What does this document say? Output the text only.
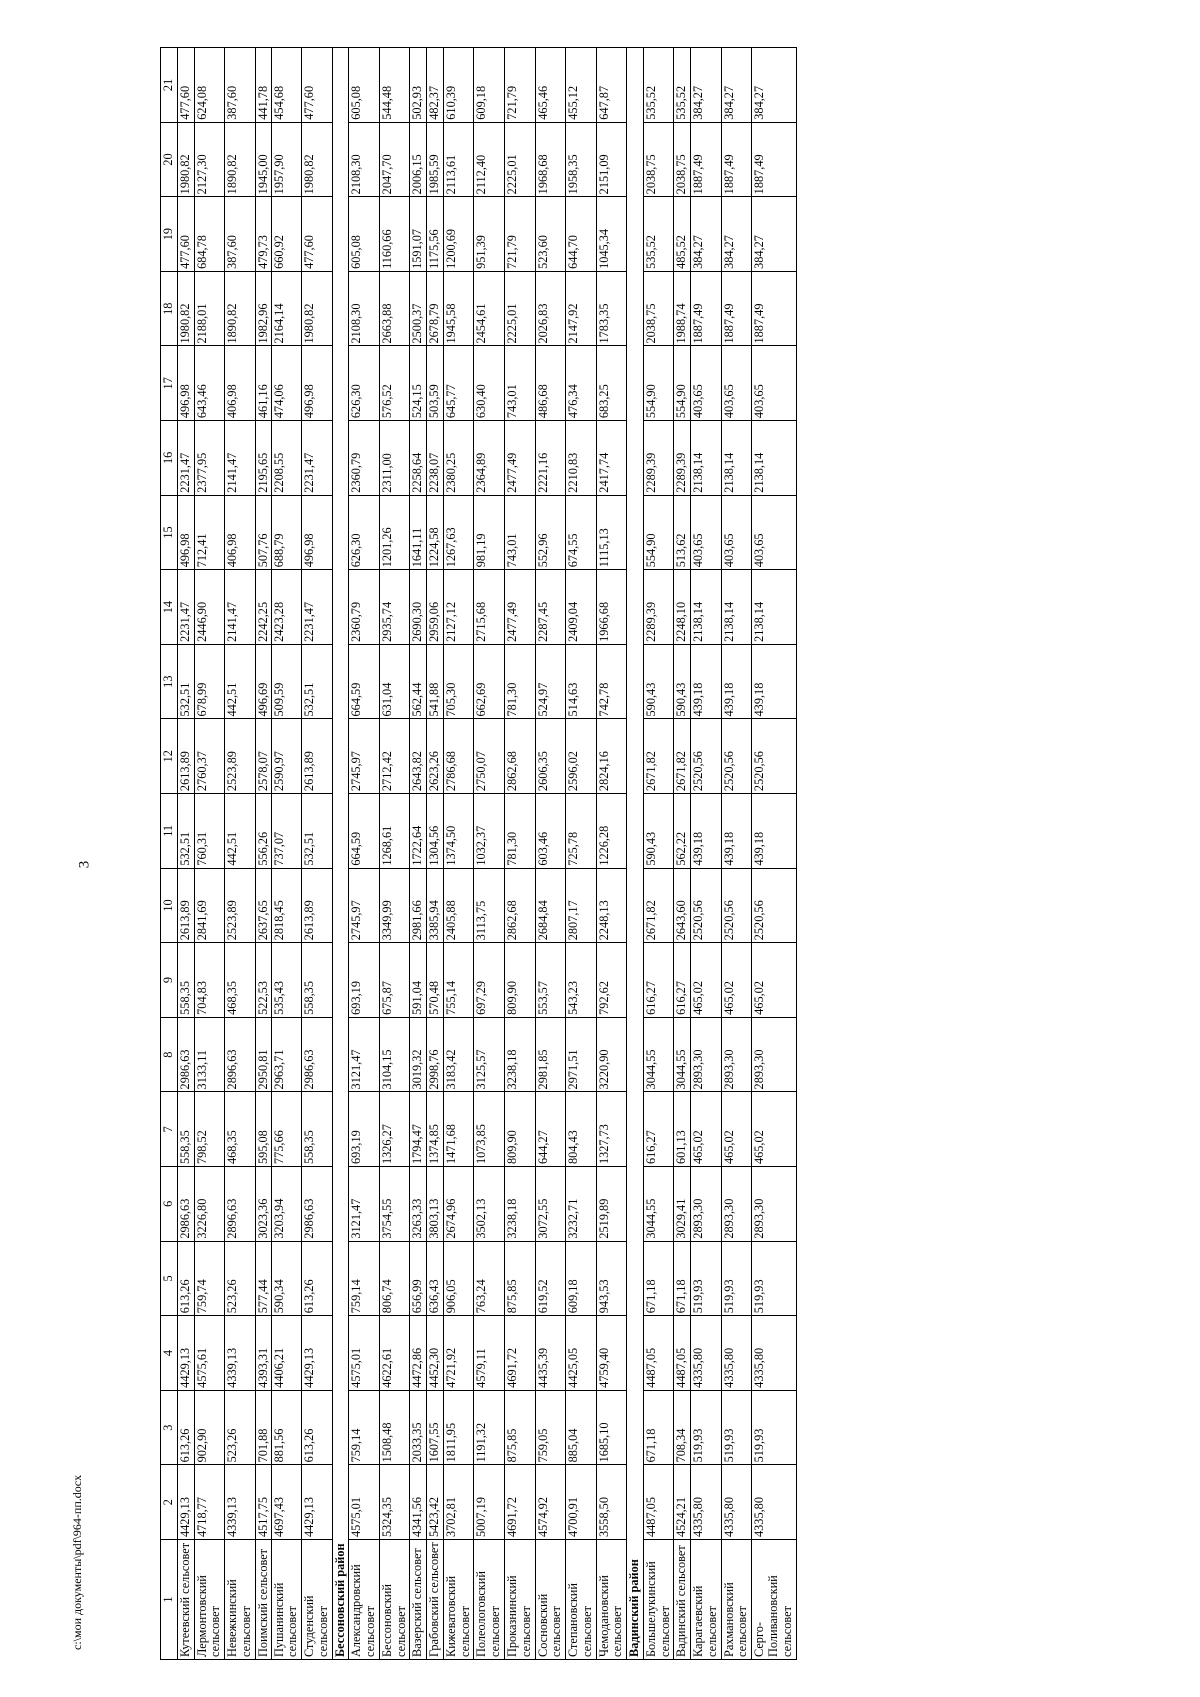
3
c:\мои документы\pdf\964-пп.docx	1	2	3	4	5	6	7	8	9	10	11	12	13	14	15	16	17	18	19	20	21
Кутеевский сельсовет	4429,13	613,26	4429,13	613,26	2986,63	558,35	2986,63	558,35	2613,89	532,51	2613,89	532,51	2231,47	496,98	2231,47	496,98	1980,82	477,60	1980,82	477,60
Лермонтовский сельсовет	4718,77	902,90	4575,61	759,74	3226,80	798,52	3133,11	704,83	2841,69	760,31	2760,37	678,99	2446,90	712,41	2377,95	643,46	2188,01	684,78	2127,30	624,08
Невежкинский сельсовет	4339,13	523,26	4339,13	523,26	2896,63	468,35	2896,63	468,35	2523,89	442,51	2523,89	442,51	2141,47	406,98	2141,47	406,98	1890,82	387,60	1890,82	387,60
Поимский сельсовет	4517,75	701,88	4393,31	577,44	3023,36	595,08	2950,81	522,53	2637,65	556,26	2578,07	496,69	2242,25	507,76	2195,65	461,16	1982,96	479,73	1945,00	441,78
Пушанинский сельсовет	4697,43	881,56	4406,21	590,34	3203,94	775,66	2963,71	535,43	2818,45	737,07	2590,97	509,59	2423,28	688,79	2208,55	474,06	2164,14	660,92	1957,90	454,68
Студенский сельсовет	4429,13	613,26	4429,13	613,26	2986,63	558,35	2986,63	558,35	2613,89	532,51	2613,89	532,51	2231,47	496,98	2231,47	496,98	1980,82	477,60	1980,82	477,60
Бессоновский район																				
Александровский сельсовет	4575,01	759,14	4575,01	759,14	3121,47	693,19	3121,47	693,19	2745,97	664,59	2745,97	664,59	2360,79	626,30	2360,79	626,30	2108,30	605,08	2108,30	605,08
Бессоновский сельсовет	5324,35	1508,48	4622,61	806,74	3754,55	1326,27	3104,15	675,87	3349,99	1268,61	2712,42	631,04	2935,74	1201,26	2311,00	576,52	2663,88	1160,66	2047,70	544,48
Вазерский сельсовет	4341,56	2033,35	4472,86	656,99	3263,33	1794,47	3019,32	591,04	2981,66	1722,64	2643,82	562,44	2690,30	1641,11	2258,64	524,15	2500,37	1591,07	2006,15	502,93
Грабовский сельсовет	5423,42	1607,55	4452,30	636,43	3803,13	1374,85	2998,76	570,48	3385,94	1304,56	2623,26	541,88	2959,06	1224,58	2238,07	503,59	2678,79	1175,56	1985,59	482,37
Кижеватовский сельсовет	3702,81	1811,95	4721,92	906,05	2674,96	1471,68	3183,42	755,14	2405,88	1374,50	2786,68	705,30	2127,12	1267,63	2380,25	645,77	1945,58	1200,69	2113,61	610,39
Полеологовский сельсовет	5007,19	1191,32	4579,11	763,24	3502,13	1073,85	3125,57	697,29	3113,75	1032,37	2750,07	662,69	2715,68	981,19	2364,89	630,40	2454,61	951,39	2112,40	609,18
Проказнинский сельсовет	4691,72	875,85	4691,72	875,85	3238,18	809,90	3238,18	809,90	2862,68	781,30	2862,68	781,30	2477,49	743,01	2477,49	743,01	2225,01	721,79	2225,01	721,79
Сосновский сельсовет	4574,92	759,05	4435,39	619,52	3072,55	644,27	2981,85	553,57	2684,84	603,46	2606,35	524,97	2287,45	552,96	2221,16	486,68	2026,83	523,60	1968,68	465,46
Степановский сельсовет	4700,91	885,04	4425,05	609,18	3232,71	804,43	2971,51	543,23	2807,17	725,78	2596,02	514,63	2409,04	674,55	2210,83	476,34	2147,92	644,70	1958,35	455,12
Чемодановский сельсовет	3558,50	1685,10	4759,40	943,53	2519,89	1327,73	3220,90	792,62	2248,13	1226,28	2824,16	742,78	1966,68	1115,13	2417,74	683,25	1783,35	1045,34	2151,09	647,87
Вадинский район																				
Большелукинский сельсовет	4487,05	671,18	4487,05	671,18	3044,55	616,27	3044,55	616,27	2671,82	590,43	2671,82	590,43	2289,39	554,90	2289,39	554,90	2038,75	535,52	2038,75	535,52
Вадинский сельсовет	4524,21	708,34	4487,05	671,18	3029,41	601,13	3044,55	616,27	2643,60	562,22	2671,82	590,43	2248,10	513,62	2289,39	554,90	1988,74	485,52	2038,75	535,52
Карагаевский сельсовет	4335,80	519,93	4335,80	519,93	2893,30	465,02	2893,30	465,02	2520,56	439,18	2520,56	439,18	2138,14	403,65	2138,14	403,65	1887,49	384,27	1887,49	384,27
Рахмановский сельсовет	4335,80	519,93	4335,80	519,93	2893,30	465,02	2893,30	465,02	2520,56	439,18	2520,56	439,18	2138,14	403,65	2138,14	403,65	1887,49	384,27	1887,49	384,27
Серго-Поливановский сельсовет	4335,80	519,93	4335,80	519,93	2893,30	465,02	2893,30	465,02	2520,56	439,18	2520,56	439,18	2138,14	403,65	2138,14	403,65	1887,49	384,27	1887,49	384,27
